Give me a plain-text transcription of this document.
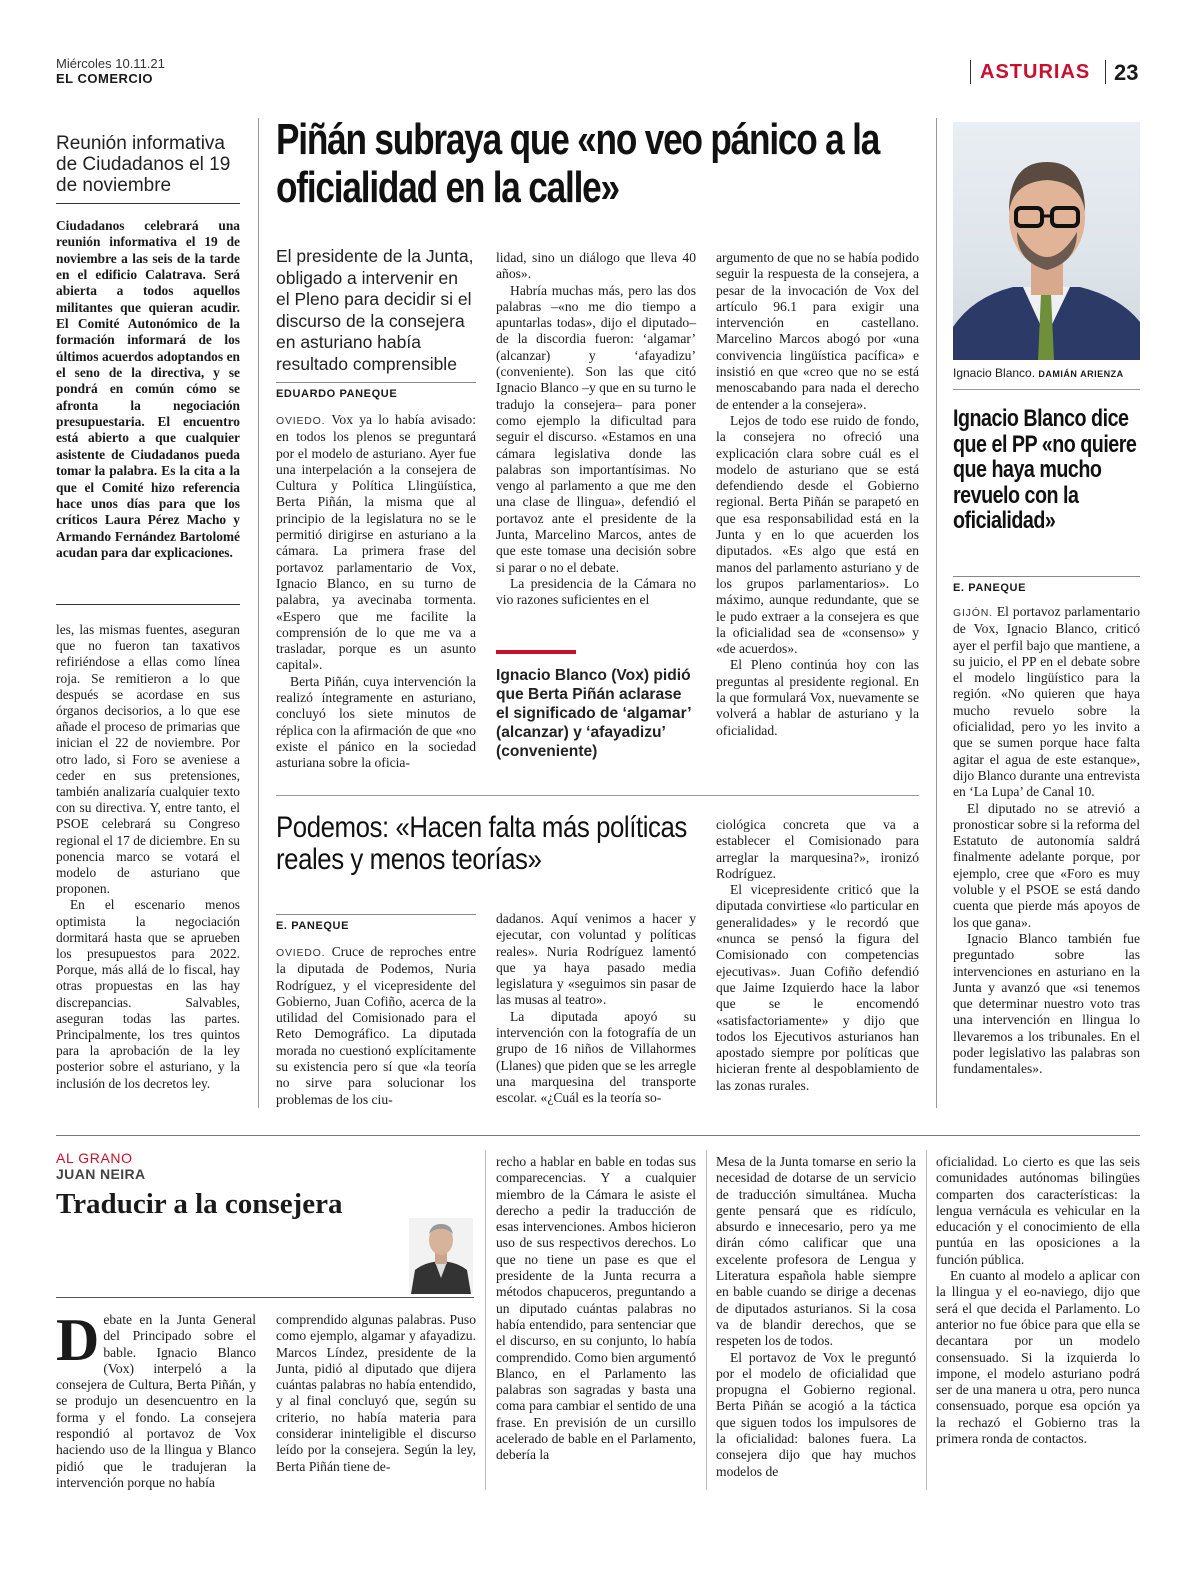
Miércoles 10.11.21
EL COMERCIO	ASTURIAS 23
Reunión informativa de Ciudadanos el 19 de noviembre
Ciudadanos celebrará una reunión informativa el 19 de noviembre a las seis de la tarde en el edificio Calatrava. Será abierta a todos aquellos militantes que quieran acudir. El Comité Autonómico de la formación informará de los últimos acuerdos adoptandos en el seno de la directiva, y se pondrá en común cómo se afronta la negociación presupuestaria. El encuentro está abierto a que cualquier asistente de Ciudadanos pueda tomar la palabra. Es la cita a la que el Comité hizo referencia hace unos días para que los críticos Laura Pérez Macho y Armando Fernández Bartolomé acudan para dar explicaciones.

les, las mismas fuentes, aseguran que no fueron tan taxativos refiriéndose a ellas como línea roja. Se remitieron a lo que después se acordase en sus órganos decisorios, a lo que ese añade el proceso de primarias que inician el 22 de noviembre. Por otro lado, si Foro se aveniese a ceder en sus pretensiones, también analizaría cualquier texto con su directiva. Y, entre tanto, el PSOE celebrará su Congreso regional el 17 de diciembre. En su ponencia marco se votará el modelo de asturiano que proponen.

En el escenario menos optimista la negociación dormitará hasta que se aprueben los presupuestos para 2022. Porque, más allá de lo fiscal, hay otras propuestas en las hay discrepancias. Salvables, aseguran todas las partes. Principalmente, los tres quintos para la aprobación de la ley posterior sobre el asturiano, y la inclusión de los decretos ley.

Piñán subraya que «no veo pánico a la oficialidad en la calle»
El presidente de la Junta, obligado a intervenir en el Pleno para decidir si el discurso de la consejera en asturiano había resultado comprensible
EDUARDO PANEQUE

OVIEDO. Vox ya lo había avisado: en todos los plenos se preguntará por el modelo de asturiano. Ayer fue una interpelación a la consejera de Cultura y Política Llingüística, Berta Piñán, la misma que al principio de la legislatura no se le permitió dirigirse en asturiano a la cámara. La primera frase del portavoz parlamentario de Vox, Ignacio Blanco, en su turno de palabra, ya avecinaba tormenta. «Espero que me facilite la comprensión de lo que me va a trasladar, porque es un asunto capital».

Berta Piñán, cuya intervención la realizó íntegramente en asturiano, concluyó los siete minutos de réplica con la afirmación de que «no existe el pánico en la sociedad asturiana sobre la oficia-

lidad, sino un diálogo que lleva 40 años».

Habría muchas más, pero las dos palabras –«no me dio tiempo a apuntarlas todas», dijo el diputado– de la discordia fueron: ‘algamar’ (alcanzar) y ‘afayadizu’ (conveniente). Son las que citó Ignacio Blanco –y que en su turno le tradujo la consejera– para poner como ejemplo la dificultad para seguir el discurso. «Estamos en una cámara legislativa donde las palabras son importantísimas. No vengo al parlamento a que me den una clase de llingua», defendió el portavoz ante el presidente de la Junta, Marcelino Marcos, antes de que este tomase una decisión sobre si parar o no el debate.

La presidencia de la Cámara no vio razones suficientes en el

Ignacio Blanco (Vox) pidió que Berta Piñán aclarase el significado de ‘algamar’ (alcanzar) y ‘afayadizu’ (conveniente)

argumento de que no se había podido seguir la respuesta de la consejera, a pesar de la invocación de Vox del artículo 96.1 para exigir una intervención en castellano. Marcelino Marcos abogó por «una convivencia lingüística pacífica» e insistió en que «creo que no se está menoscabando para nada el derecho de entender a la consejera».

Lejos de todo ese ruido de fondo, la consejera no ofreció una explicación clara sobre cuál es el modelo de asturiano que se está defendiendo desde el Gobierno regional. Berta Piñán se parapetó en que esa responsabilidad está en la Junta y en lo que acuerden los diputados. «Es algo que está en manos del parlamento asturiano y de los grupos parlamentarios». Lo máximo, aunque redundante, que se le pudo extraer a la consejera es que la oficialidad sea de «consenso» y «de acuerdos».

El Pleno continúa hoy con las preguntas al presidente regional. En la que formulará Vox, nuevamente se volverá a hablar de asturiano y la oficialidad.

Podemos: «Hacen falta más políticas reales y menos teorías»
E. PANEQUE

OVIEDO. Cruce de reproches entre la diputada de Podemos, Nuria Rodríguez, y el vicepresidente del Gobierno, Juan Cofiño, acerca de la utilidad del Comisionado para el Reto Demográfico. La diputada morada no cuestionó explícitamente su existencia pero sí que «la teoría no sirve para solucionar los problemas de los ciu-

dadanos. Aquí venimos a hacer y ejecutar, con voluntad y políticas reales». Nuria Rodríguez lamentó que ya haya pasado media legislatura y «seguimos sin pasar de las musas al teatro».

La diputada apoyó su intervención con la fotografía de un grupo de 16 niños de Villahormes (Llanes) que piden que se les arregle una marquesina del transporte escolar. «¿Cuál es la teoría so-

ciológica concreta que va a establecer el Comisionado para arreglar la marquesina?», ironizó Rodríguez.

El vicepresidente criticó que la diputada convirtiese «lo particular en generalidades» y le recordó que «nunca se pensó la figura del Comisionado con competencias ejecutivas». Juan Cofiño defendió que Jaime Izquierdo hace la labor que se le encomendó «satisfactoriamente» y dijo que todos los Ejecutivos asturianos han apostado siempre por políticas que hicieran frente al despoblamiento de las zonas rurales.

Ignacio Blanco. DAMIÁN ARIENZA
Ignacio Blanco dice que el PP «no quiere que haya mucho revuelo con la oficialidad»
E. PANEQUE

GIJÓN. El portavoz parlamentario de Vox, Ignacio Blanco, criticó ayer el perfil bajo que mantiene, a su juicio, el PP en el debate sobre el modelo lingüístico para la región. «No quieren que haya mucho revuelo sobre la oficialidad, pero yo les invito a que se sumen porque hace falta agitar el agua de este estanque», dijo Blanco durante una entrevista en ‘La Lupa’ de Canal 10.

El diputado no se atrevió a pronosticar sobre si la reforma del Estatuto de autonomía saldrá finalmente adelante porque, por ejemplo, cree que «Foro es muy voluble y el PSOE se está dando cuenta que pierde más apoyos de los que gana».

Ignacio Blanco también fue preguntado sobre las intervenciones en asturiano en la Junta y avanzó que «si tenemos que determinar nuestro voto tras una intervención en llingua lo llevaremos a los tribunales. En el poder legislativo las palabras son fundamentales».

AL GRANO
JUAN NEIRA
Traducir a la consejera

Debate en la Junta General del Principado sobre el bable. Ignacio Blanco (Vox) interpeló a la consejera de Cultura, Berta Piñán, y se produjo un desencuentro en la forma y el fondo. La consejera respondió al portavoz de Vox haciendo uso de la llingua y Blanco pidió que le tradujeran la intervención porque no había

comprendido algunas palabras. Puso como ejemplo, algamar y afayadizu. Marcos Líndez, presidente de la Junta, pidió al diputado que dijera cuántas palabras no había entendido, y al final concluyó que, según su criterio, no había materia para considerar ininteligible el discurso leído por la consejera. Según la ley, Berta Piñán tiene de-

recho a hablar en bable en todas sus comparecencias. Y a cualquier miembro de la Cámara le asiste el derecho a pedir la traducción de esas intervenciones. Ambos hicieron uso de sus respectivos derechos. Lo que no tiene un pase es que el presidente de la Junta recurra a métodos chapuceros, preguntando a un diputado cuántas palabras no había entendido, para sentenciar que el discurso, en su conjunto, lo había comprendido. Como bien argumentó Blanco, en el Parlamento las palabras son sagradas y basta una coma para cambiar el sentido de una frase. En previsión de un cursillo acelerado de bable en el Parlamento, debería la

Mesa de la Junta tomarse en serio la necesidad de dotarse de un servicio de traducción simultánea. Mucha gente pensará que es ridículo, absurdo e innecesario, pero ya me dirán cómo calificar que una excelente profesora de Lengua y Literatura española hable siempre en bable cuando se dirige a decenas de diputados asturianos. Si la cosa va de blandir derechos, que se respeten los de todos.

El portavoz de Vox le preguntó por el modelo de oficialidad que propugna el Gobierno regional. Berta Piñán se acogió a la táctica que siguen todos los impulsores de la oficialidad: balones fuera. La consejera dijo que hay muchos modelos de

oficialidad. Lo cierto es que las seis comunidades autónomas bilingües comparten dos características: la lengua vernácula es vehicular en la educación y el conocimiento de ella puntúa en las oposiciones a la función pública.

En cuanto al modelo a aplicar con la llingua y el eo-naviego, dijo que será el que decida el Parlamento. Lo anterior no fue óbice para que ella se decantara por un modelo consensuado. Si la izquierda lo impone, el modelo asturiano podrá ser de una manera u otra, pero nunca consensuado, porque esa opción ya la rechazó el Gobierno tras la primera ronda de contactos.
